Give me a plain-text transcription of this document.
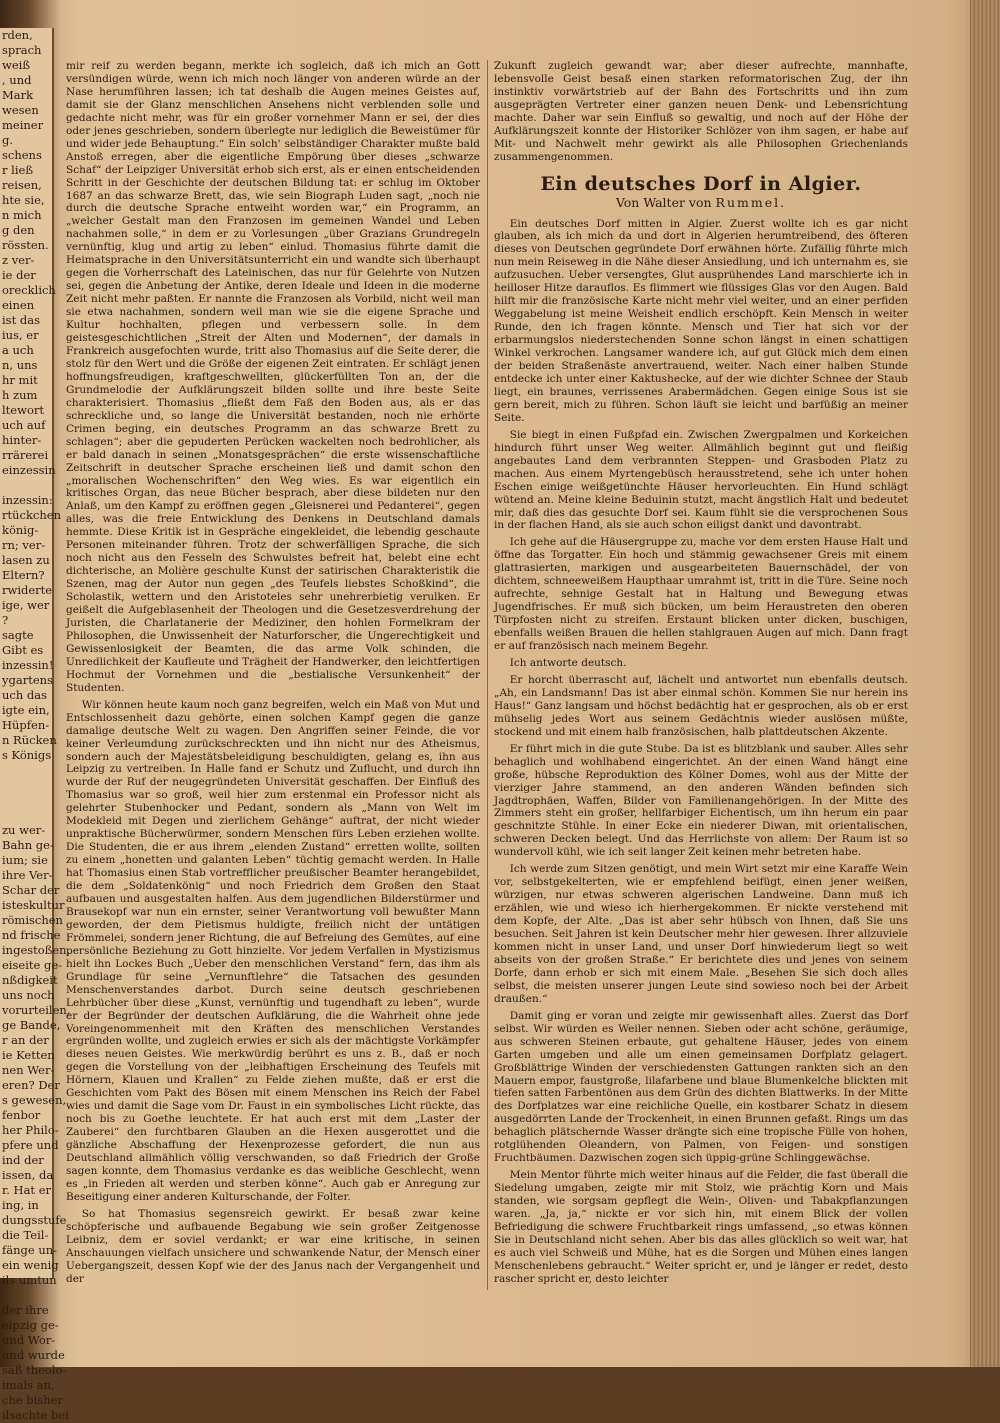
rden,
sprach
weiß
, und
Mark
wesen
meiner
g.
schens
r ließ
reisen,
hte sie,
n mich
g den
rössten.
z ver-
ie der
orecklich
einen
ist das
ius, er
a uch
n, uns
hr mit
h zum
ltewort
uch auf
hinter-
rrärerei
einzessin

inzessin:
rtückchen
könig-
rn; ver-
lasen zu
Eltern?
rwiderte
ige, wer
?
sagte
Gibt es
inzessin!
ygartens
uch das
igte ein,
Hüpfen-
n Rücken
s Königs

zu wer-
Bahn ge-
ium; sie
ihre Ver-
Schar der
isteskultur
römischen
nd frische
ingestoßen,
eiseite ge-
nßdigkeit
uns noch
vorurteilen,
ge Bande,
r an der
ie Ketten
nen Wer-
eren? Der
s gewesen,
fenbor
her Philo-
pfere und
ind der
issen, da
r. Hat er
ing, in
dungsstufe
die Teil-
fänge un-
ein wenig
ils umtun

der ihre
eipzig ge-
und Wor-
und wurde
saß theolo-
imals an,
che bisher
ilsachte bei

mir reif zu werden begann, merkte ich sogleich, daß ich mich an Gott versündigen würde, wenn ich mich noch länger von anderen würde an der Nase herumführen lassen; ich tat deshalb die Augen meines Geistes auf, damit sie der Glanz menschlichen Ansehens nicht verblenden solle und gedachte nicht mehr, was für ein großer vornehmer Mann er sei, der dies oder jenes geschrieben, sondern überlegte nur lediglich die Beweistümer für und wider jede Behauptung.“ Ein solch' selbständiger Charakter mußte bald Anstoß erregen, aber die eigentliche Empörung über dieses „schwarze Schaf“ der Leipziger Universität erhob sich erst, als er einen entscheidenden Schritt in der Geschichte der deutschen Bildung tat: er schlug im Oktober 1687 an das schwarze Brett, das, wie sein Biograph Luden sagt, „noch nie durch die deutsche Sprache entweiht worden war,“ ein Programm, an „welcher Gestalt man den Franzosen im gemeinen Wandel und Leben nachahmen solle,“ in dem er zu Vorlesungen „über Grazians Grundregeln vernünftig, klug und artig zu leben“ einlud. Thomasius führte damit die Heimatsprache in den Universitätsunterricht ein und wandte sich überhaupt gegen die Vorherrschaft des Lateinischen, das nur für Gelehrte von Nutzen sei, gegen die Anbetung der Antike, deren Ideale und Ideen in die moderne Zeit nicht mehr paßten. Er nannte die Franzosen als Vorbild, nicht weil man sie etwa nachahmen, sondern weil man wie sie die eigene Sprache und Kultur hochhalten, pflegen und verbessern solle. In dem geistesgeschichtlichen „Streit der Alten und Modernen“, der damals in Frankreich ausgefochten wurde, tritt also Thomasius auf die Seite derer, die stolz für den Wert und die Größe der eigenen Zeit eintraten. Er schlägt jenen hoffnungsfreudigen, kraftgeschwellten, glückerfüllten Ton an, der die Grundmelodie der Aufklärungszeit bilden sollte und ihre beste Seite charakterisiert. Thomasius „fließt dem Faß den Boden aus, als er das schreckliche und, so lange die Universität bestanden, noch nie erhörte Crimen beging, ein deutsches Programm an das schwarze Brett zu schlagen“; aber die gepuderten Perücken wackelten noch bedrohlicher, als er bald danach in seinen „Monatsgesprächen“ die erste wissenschaftliche Zeitschrift in deutscher Sprache erscheinen ließ und damit schon den „moralischen Wochenschriften“ den Weg wies. Es war eigentlich ein kritisches Organ, das neue Bücher besprach, aber diese bildeten nur den Anlaß, um den Kampf zu eröffnen gegen „Gleisnerei und Pedanterei“, gegen alles, was die freie Entwicklung des Denkens in Deutschland damals hemmte. Diese Kritik ist in Gespräche eingekleidet, die lebendig geschaute Personen miteinander führen. Trotz der schwerfälligen Sprache, die sich noch nicht aus den Fesseln des Schwulstes befreit hat, belebt eine echt dichterische, an Molière geschulte Kunst der satirischen Charakteristik die Szenen, mag der Autor nun gegen „des Teufels liebstes Schoßkind“, die Scholastik, wettern und den Aristoteles sehr unehrerbietig verulken. Er geißelt die Aufgeblasenheit der Theologen und die Gesetzesverdrehung der Juristen, die Charlatanerie der Mediziner, den hohlen Formelkram der Philosophen, die Unwissenheit der Naturforscher, die Ungerechtigkeit und Gewissenlosigkeit der Beamten, die das arme Volk schinden, die Unredlichkeit der Kaufleute und Trägheit der Handwerker, den leichtfertigen Hochmut der Vornehmen und die „bestialische Versunkenheit“ der Studenten.

Wir können heute kaum noch ganz begreifen, welch ein Maß von Mut und Entschlossenheit dazu gehörte, einen solchen Kampf gegen die ganze damalige deutsche Welt zu wagen. Den Angriffen seiner Feinde, die vor keiner Verleumdung zurückschreckten und ihn nicht nur des Atheismus, sondern auch der Majestätsbeleidigung beschuldigten, gelang es, ihn aus Leipzig zu vertreiben. In Halle fand er Schutz und Zuflucht, und durch ihn wurde der Ruf der neugegründeten Universität geschaffen. Der Einfluß des Thomasius war so groß, weil hier zum erstenmal ein Professor nicht als gelehrter Stubenhocker und Pedant, sondern als „Mann von Welt im Modekleid mit Degen und zierlichem Gehänge“ auftrat, der nicht wieder unpraktische Bücherwürmer, sondern Menschen fürs Leben erziehen wollte. Die Studenten, die er aus ihrem „elenden Zustand“ erretten wollte, sollten zu einem „honetten und galanten Leben“ tüchtig gemacht werden. In Halle hat Thomasius einen Stab vortrefflicher preußischer Beamter herangebildet, die dem „Soldatenkönig“ und noch Friedrich dem Großen den Staat aufbauen und ausgestalten halfen. Aus dem jugendlichen Bilderstürmer und Brausekopf war nun ein ernster, seiner Verantwortung voll bewußter Mann geworden, der dem Pietismus huldigte, freilich nicht der untätigen Frömmelei, sondern jener Richtung, die auf Befreiung des Gemütes, auf eine persönliche Beziehung zu Gott hinzielte. Vor jedem Verfallen in Mystizismus hielt ihn Lockes Buch „Ueber den menschlichen Verstand“ fern, das ihm als Grundlage für seine „Vernunftlehre“ die Tatsachen des gesunden Menschenverstandes darbot. Durch seine deutsch geschriebenen Lehrbücher über diese „Kunst, vernünftig und tugendhaft zu leben“, wurde er der Begründer der deutschen Aufklärung, die die Wahrheit ohne jede Voreingenommenheit mit den Kräften des menschlichen Verstandes ergründen wollte, und zugleich erwies er sich als der mächtigste Vorkämpfer dieses neuen Geistes. Wie merkwürdig berührt es uns z. B., daß er noch gegen die Vorstellung von der „leibhaftigen Erscheinung des Teufels mit Hörnern, Klauen und Krallen“ zu Felde ziehen mußte, daß er erst die Geschichten vom Pakt des Bösen mit einem Menschen ins Reich der Fabel wies und damit die Sage vom Dr. Faust in ein symbolisches Licht rückte, das noch bis zu Goethe leuchtete. Er hat auch erst mit dem „Laster der Zauberei“ den furchtbaren Glauben an die Hexen ausgerottet und die gänzliche Abschaffung der Hexenprozesse gefordert, die nun aus Deutschland allmählich völlig verschwanden, so daß Friedrich der Große sagen konnte, dem Thomasius verdanke es das weibliche Geschlecht, wenn es „in Frieden alt werden und sterben könne“. Auch gab er Anregung zur Beseitigung einer anderen Kulturschande, der Folter.

So hat Thomasius segensreich gewirkt. Er besaß zwar keine schöpferische und aufbauende Begabung wie sein großer Zeitgenosse Leibniz, dem er soviel verdankt; er war eine kritische, in seinen Anschauungen vielfach unsichere und schwankende Natur, der Mensch einer Uebergangszeit, dessen Kopf wie der des Janus nach der Vergangenheit und der

Zukunft zugleich gewandt war; aber dieser aufrechte, mannhafte, lebensvolle Geist besaß einen starken reformatorischen Zug, der ihn instinktiv vorwärtstrieb auf der Bahn des Fortschritts und ihn zum ausgeprägten Vertreter einer ganzen neuen Denk- und Lebensrichtung machte. Daher war sein Einfluß so gewaltig, und noch auf der Höhe der Aufklärungszeit konnte der Historiker Schlözer von ihm sagen, er habe auf Mit- und Nachwelt mehr gewirkt als alle Philosophen Griechenlands zusammengenommen.

Ein deutsches Dorf in Algier.
Von Walter von Rummel.

Ein deutsches Dorf mitten in Algier. Zuerst wollte ich es gar nicht glauben, als ich mich da und dort in Algerien herumtreibend, des öfteren dieses von Deutschen gegründete Dorf erwähnen hörte. Zufällig führte mich nun mein Reiseweg in die Nähe dieser Ansiedlung, und ich unternahm es, sie aufzusuchen. Ueber versengtes, Glut ausprühendes Land marschierte ich in heilloser Hitze darauflos. Es flimmert wie flüssiges Glas vor den Augen. Bald hilft mir die französische Karte nicht mehr viel weiter, und an einer perfiden Weggabelung ist meine Weisheit endlich erschöpft. Kein Mensch in weiter Runde, den ich fragen könnte. Mensch und Tier hat sich vor der erbarmungslos niederstechenden Sonne schon längst in einen schattigen Winkel verkrochen. Langsamer wandere ich, auf gut Glück mich dem einen der beiden Straßenäste anvertrauend, weiter. Nach einer halben Stunde entdecke ich unter einer Kaktushecke, auf der wie dichter Schnee der Staub liegt, ein braunes, verrissenes Arabermädchen. Gegen einige Sous ist sie gern bereit, mich zu führen. Schon läuft sie leicht und barfüßig an meiner Seite.

Sie biegt in einen Fußpfad ein. Zwischen Zwergpalmen und Korkeichen hindurch führt unser Weg weiter. Allmählich beginnt gut und fleißig angebautes Land dem verbrannten Steppen- und Grasboden Platz zu machen. Aus einem Myrtengebüsch herausstretend, sehe ich unter hohen Eschen einige weißgetünchte Häuser hervorleuchten. Ein Hund schlägt wütend an. Meine kleine Beduinin stutzt, macht ängstlich Halt und bedeutet mir, daß dies das gesuchte Dorf sei. Kaum fühlt sie die versprochenen Sous in der flachen Hand, als sie auch schon eiligst dankt und davontrabt.

Ich gehe auf die Häusergruppe zu, mache vor dem ersten Hause Halt und öffne das Torgatter. Ein hoch und stämmig gewachsener Greis mit einem glattrasierten, markigen und ausgearbeiteten Bauernschädel, der von dichtem, schneeweißem Haupthaar umrahmt ist, tritt in die Türe. Seine noch aufrechte, sehnige Gestalt hat in Haltung und Bewegung etwas Jugendfrisches. Er muß sich bücken, um beim Heraustreten den oberen Türpfosten nicht zu streifen. Erstaunt blicken unter dicken, buschigen, ebenfalls weißen Brauen die hellen stahlgrauen Augen auf mich. Dann fragt er auf französisch nach meinem Begehr.

Ich antworte deutsch.

Er horcht überrascht auf, lächelt und antwortet nun ebenfalls deutsch. „Ah, ein Landsmann! Das ist aber einmal schön. Kommen Sie nur herein ins Haus!“ Ganz langsam und höchst bedächtig hat er gesprochen, als ob er erst mühselig jedes Wort aus seinem Gedächtnis wieder auslösen müßte, stockend und mit einem halb französischen, halb plattdeutschen Akzente.

Er führt mich in die gute Stube. Da ist es blitzblank und sauber. Alles sehr behaglich und wohlhabend eingerichtet. An der einen Wand hängt eine große, hübsche Reproduktion des Kölner Domes, wohl aus der Mitte der vierziger Jahre stammend, an den anderen Wänden befinden sich Jagdtrophäen, Waffen, Bilder von Familienangehörigen. In der Mitte des Zimmers steht ein großer, hellfarbiger Eichentisch, um ihn herum ein paar geschnitzte Stühle. In einer Ecke ein niederer Diwan, mit orientalischen, schweren Decken belegt. Und das Herrlichste von allem: Der Raum ist so wundervoll kühl, wie ich seit langer Zeit keinen mehr betreten habe.

Ich werde zum Sitzen genötigt, und mein Wirt setzt mir eine Karaffe Wein vor, selbstgekelterten, wie er empfehlend beifügt, einen jener weißen, würzigen, nur etwas schweren algerischen Landweine. Dann muß ich erzählen, wie und wieso ich hierhergekommen. Er nickte verstehend mit dem Kopfe, der Alte. „Das ist aber sehr hübsch von Ihnen, daß Sie uns besuchen. Seit Jahren ist kein Deutscher mehr hier gewesen. Ihrer allzuviele kommen nicht in unser Land, und unser Dorf hinwiederum liegt so weit abseits von der großen Straße.“ Er berichtete dies und jenes von seinem Dorfe, dann erhob er sich mit einem Male. „Besehen Sie sich doch alles selbst, die meisten unserer jungen Leute sind sowieso noch bei der Arbeit draußen.“

Damit ging er voran und zeigte mir gewissenhaft alles. Zuerst das Dorf selbst. Wir würden es Weiler nennen. Sieben oder acht schöne, geräumige, aus schweren Steinen erbaute, gut gehaltene Häuser, jedes von einem Garten umgeben und alle um einen gemeinsamen Dorfplatz gelagert. Großblättrige Winden der verschiedensten Gattungen rankten sich an den Mauern empor, faustgroße, lilafarbene und blaue Blumenkelche blickten mit tiefen satten Farbentönen aus dem Grün des dichten Blattwerks. In der Mitte des Dorfplatzes war eine reichliche Quelle, ein kostbarer Schatz in diesem ausgedörrten Lande der Trockenheit, in einen Brunnen gefaßt. Rings um das behaglich plätschernde Wasser drängte sich eine tropische Fülle von hohen, rotglühenden Oleandern, von Palmen, von Feigen- und sonstigen Fruchtbäumen. Dazwischen zogen sich üppig-grüne Schlinggewächse.

Mein Mentor führte mich weiter hinaus auf die Felder, die fast überall die Siedelung umgaben, zeigte mir mit Stolz, wie prächtig Korn und Mais standen, wie sorgsam gepflegt die Wein-, Oliven- und Tabakpflanzungen waren. „Ja, ja,“ nickte er vor sich hin, mit einem Blick der vollen Befriedigung die schwere Fruchtbarkeit rings umfassend, „so etwas können Sie in Deutschland nicht sehen. Aber bis das alles glücklich so weit war, hat es auch viel Schweiß und Mühe, hat es die Sorgen und Mühen eines langen Menschenlebens gebraucht.“ Weiter spricht er, und je länger er redet, desto rascher spricht er, desto leichter
